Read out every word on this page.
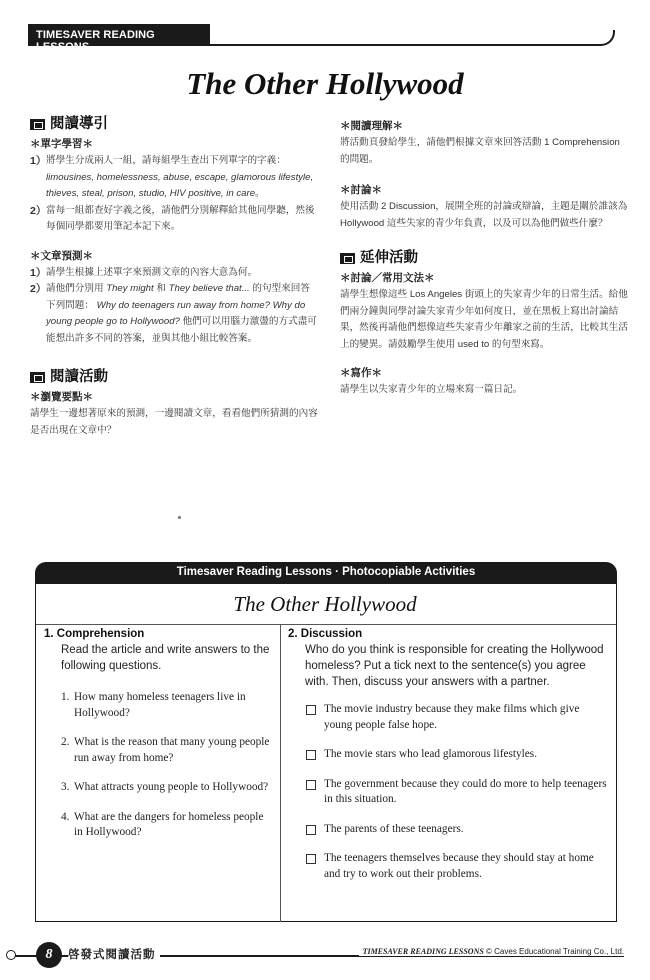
TIMESAVER READING LESSONS
The Other Hollywood
閱讀導引
＊單字學習＊
1） 將學生分成兩人一組，請每組學生查出下列單字的字義： limousines, homelessness, abuse, escape, glamorous lifestyle, thieves, steal, prison, studio, HIV positive, in care。
2） 當每一組都查好字義之後，請他們分別解釋給其他同學聽，然後每個同學都要用筆記本記下來。
＊文章預測＊
1） 請學生根據上述單字來預測文章的內容大意為何。
2） 請他們分別用 They might 和 They believe that... 的句型來回答下列問題： Why do teenagers run away from home? Why do young people go to Hollywood? 他們可以用腦力激盪的方式盡可能想出許多不同的答案，並與其他小組比較答案。
閱讀活動
＊瀏覽要點＊
請學生一邊想著原來的預測，一邊閱讀文章，看看他們所猜測的內容是否出現在文章中？
＊閱讀理解＊
將活動頁發給學生，請他們根據文章來回答活動 1 Comprehension 的問題。
＊討論＊
使用活動 2 Discussion，展開全班的討論或辯論，主題是關於誰該為 Hollywood 這些失家的青少年負責，以及可以為他們做些什麼？
延伸活動
＊討論／常用文法＊
請學生想像這些 Los Angeles 街頭上的失家青少年的日常生活。給他們兩分鐘與同學討論失家青少年如何度日，並在黑板上寫出討論結果，然後再請他們想像這些失家青少年離家之前的生活，比較其生活上的變異。請鼓勵學生使用 used to 的句型來寫。
＊寫作＊
請學生以失家青少年的立場來寫一篇日記。
Timesaver Reading Lessons · Photocopiable Activities
The Other Hollywood
1. Comprehension
Read the article and write answers to the following questions.
1. How many homeless teenagers live in Hollywood?
2. What is the reason that many young people run away from home?
3. What attracts young people to Hollywood?
4. What are the dangers for homeless people in Hollywood?
2. Discussion
Who do you think is responsible for creating the Hollywood homeless? Put a tick next to the sentence(s) you agree with. Then, discuss your answers with a partner.
The movie industry because they make films which give young people false hope.
The movie stars who lead glamorous lifestyles.
The government because they could do more to help teenagers in this situation.
The parents of these teenagers.
The teenagers themselves because they should stay at home and try to work out their problems.
8	啓發式閱讀活動	TIMESAVER READING LESSONS © Caves Educational Training Co., Ltd.
